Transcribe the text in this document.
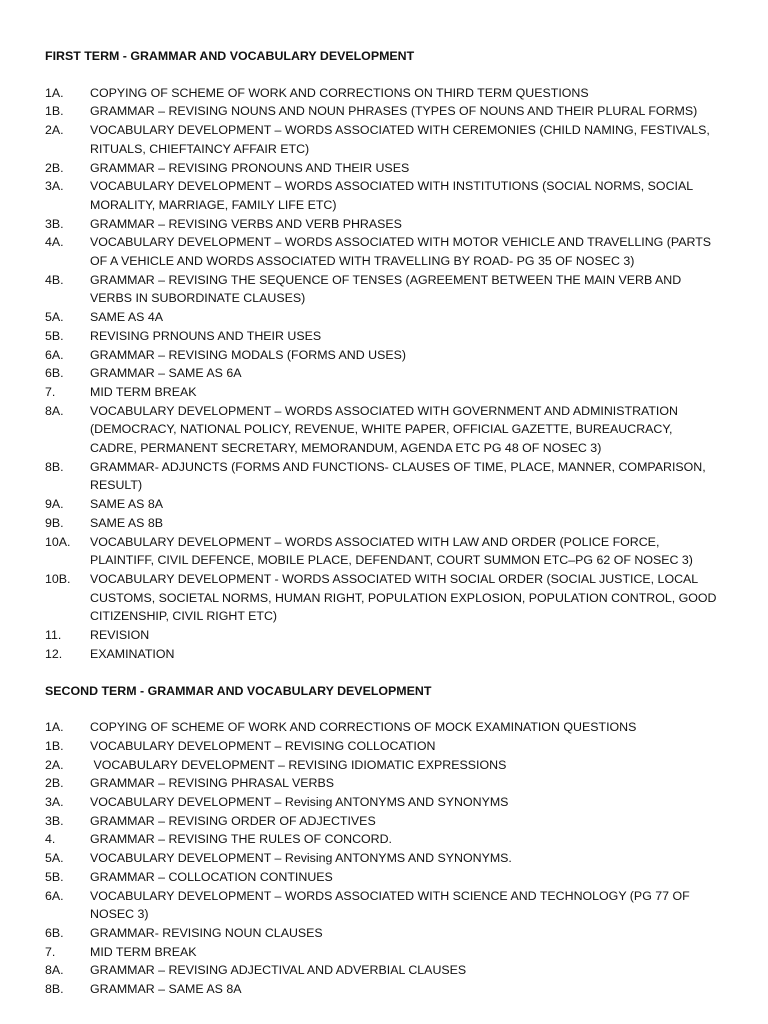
FIRST TERM - GRAMMAR AND VOCABULARY DEVELOPMENT
1A.	COPYING OF SCHEME OF WORK AND CORRECTIONS ON THIRD TERM QUESTIONS
1B.	GRAMMAR – REVISING NOUNS AND NOUN PHRASES (TYPES OF NOUNS AND THEIR PLURAL FORMS)
2A.	VOCABULARY DEVELOPMENT – WORDS ASSOCIATED WITH CEREMONIES (CHILD NAMING, FESTIVALS, RITUALS, CHIEFTAINCY AFFAIR ETC)
2B.	GRAMMAR – REVISING PRONOUNS AND THEIR USES
3A.	VOCABULARY DEVELOPMENT – WORDS ASSOCIATED WITH INSTITUTIONS (SOCIAL NORMS, SOCIAL MORALITY, MARRIAGE, FAMILY LIFE ETC)
3B.	GRAMMAR – REVISING VERBS AND VERB PHRASES
4A.	VOCABULARY DEVELOPMENT – WORDS ASSOCIATED WITH MOTOR VEHICLE AND TRAVELLING (PARTS OF A VEHICLE AND WORDS ASSOCIATED WITH TRAVELLING BY ROAD- PG 35 OF NOSEC 3)
4B.	GRAMMAR – REVISING THE SEQUENCE OF TENSES (AGREEMENT BETWEEN THE MAIN VERB AND VERBS IN SUBORDINATE CLAUSES)
5A.	SAME AS 4A
5B.	REVISING PRNOUNS AND THEIR USES
6A.	GRAMMAR – REVISING MODALS (FORMS AND USES)
6B.	GRAMMAR – SAME AS 6A
7.	MID TERM BREAK
8A.	VOCABULARY DEVELOPMENT – WORDS ASSOCIATED WITH GOVERNMENT AND ADMINISTRATION (DEMOCRACY, NATIONAL POLICY, REVENUE, WHITE PAPER, OFFICIAL GAZETTE, BUREAUCRACY, CADRE, PERMANENT SECRETARY, MEMORANDUM, AGENDA ETC PG 48 OF NOSEC 3)
8B.	GRAMMAR- ADJUNCTS (FORMS AND FUNCTIONS- CLAUSES OF TIME, PLACE, MANNER, COMPARISON, RESULT)
9A.	SAME AS 8A
9B.	SAME AS 8B
10A.	VOCABULARY DEVELOPMENT – WORDS ASSOCIATED WITH LAW AND ORDER (POLICE FORCE, PLAINTIFF, CIVIL DEFENCE, MOBILE PLACE, DEFENDANT, COURT SUMMON ETC–PG 62 OF NOSEC 3)
10B.	VOCABULARY DEVELOPMENT - WORDS ASSOCIATED WITH SOCIAL ORDER (SOCIAL JUSTICE, LOCAL CUSTOMS, SOCIETAL NORMS, HUMAN RIGHT, POPULATION EXPLOSION, POPULATION CONTROL, GOOD CITIZENSHIP, CIVIL RIGHT ETC)
11.	REVISION
12.	EXAMINATION
SECOND TERM - GRAMMAR AND VOCABULARY DEVELOPMENT
1A.	COPYING OF SCHEME OF WORK AND CORRECTIONS OF MOCK EXAMINATION QUESTIONS
1B.	VOCABULARY DEVELOPMENT – REVISING COLLOCATION
2A.	VOCABULARY DEVELOPMENT – REVISING IDIOMATIC EXPRESSIONS
2B.	GRAMMAR – REVISING PHRASAL VERBS
3A.	VOCABULARY DEVELOPMENT – Revising ANTONYMS AND SYNONYMS
3B.	GRAMMAR – REVISING ORDER OF ADJECTIVES
4.	GRAMMAR – REVISING THE RULES OF CONCORD.
5A.	VOCABULARY DEVELOPMENT – Revising ANTONYMS AND SYNONYMS.
5B.	GRAMMAR – COLLOCATION CONTINUES
6A.	VOCABULARY DEVELOPMENT – WORDS ASSOCIATED WITH SCIENCE AND TECHNOLOGY (PG 77 OF NOSEC 3)
6B.	GRAMMAR- REVISING NOUN CLAUSES
7.	MID TERM BREAK
8A.	GRAMMAR – REVISING ADJECTIVAL AND ADVERBIAL CLAUSES
8B.	GRAMMAR – SAME AS 8A
